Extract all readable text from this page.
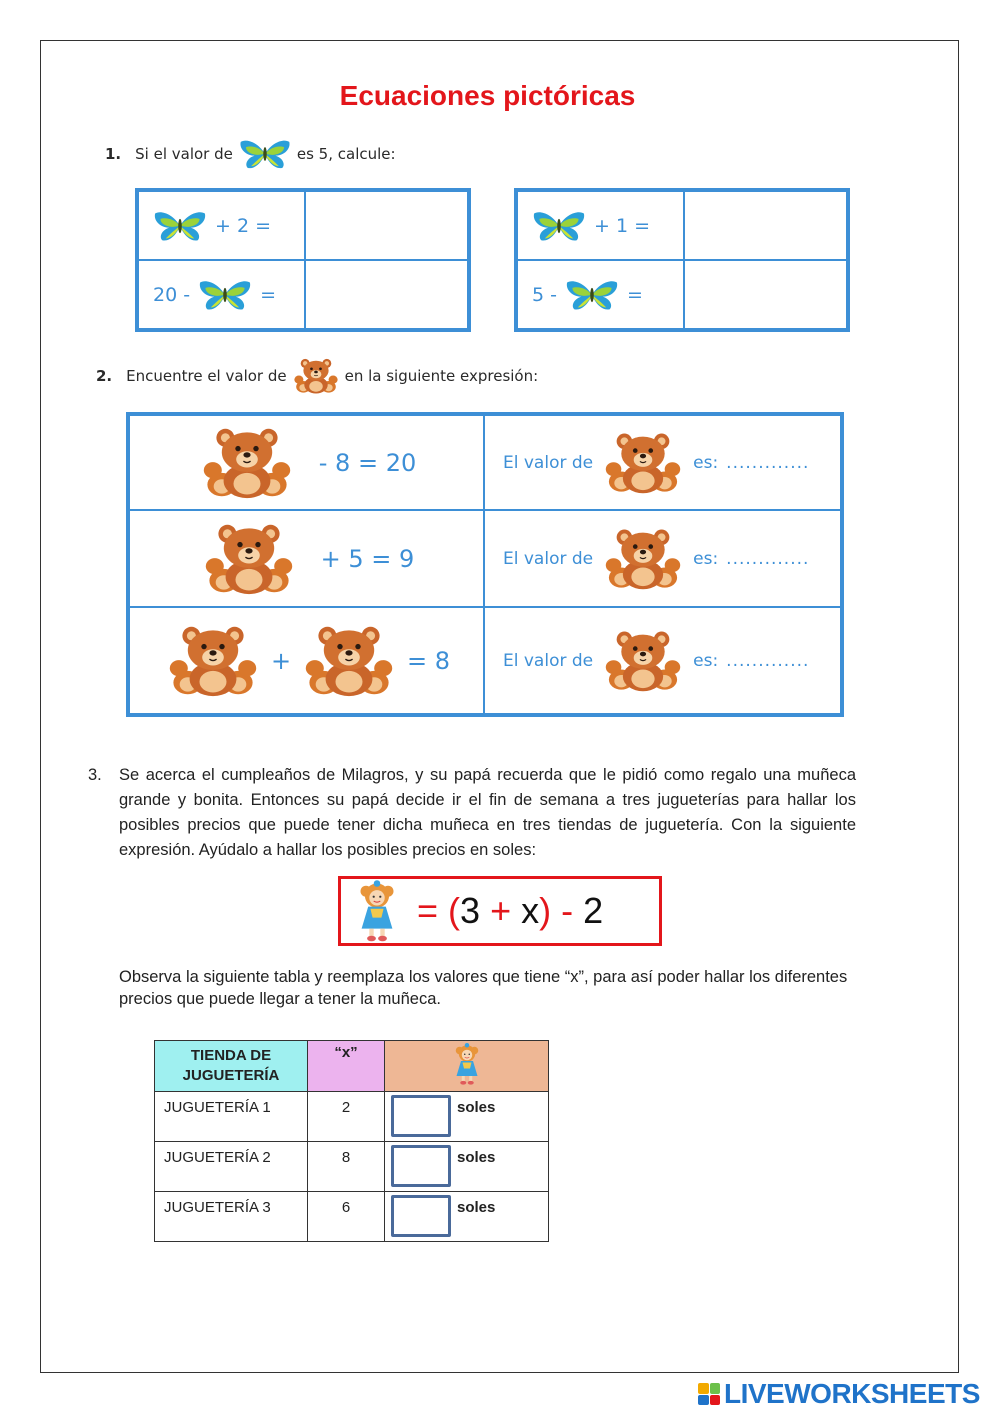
Ecuaciones pictóricas
1. Si el valor de	es 5, calcule:
+ 2 =
20 -	=
+ 1 =
5 -	=
2. Encuentre el valor de	en la siguiente expresión:
- 8 = 20	El valor de	es: .............
+ 5 = 9	El valor de	es: .............
+	= 8	El valor de	es: .............
3. Se acerca el cumpleaños de Milagros, y su papá recuerda que le pidió como regalo una muñeca grande y bonita. Entonces su papá decide ir el fin de semana a tres jugueterías para hallar los posibles precios que puede tener dicha muñeca en tres tiendas de juguetería. Con la siguiente expresión. Ayúdalo a hallar los posibles precios en soles:
= (3 + x) - 2
Observa la siguiente tabla y reemplaza los valores que tiene “x”, para así poder hallar los diferentes precios que puede llegar a tener la muñeca.
TIENDA DE JUGUETERÍA	“x”	
JUGUETERÍA 1	2	soles

JUGUETERÍA 2	8	soles

JUGUETERÍA 3	6	soles
LIVEWORKSHEETS
